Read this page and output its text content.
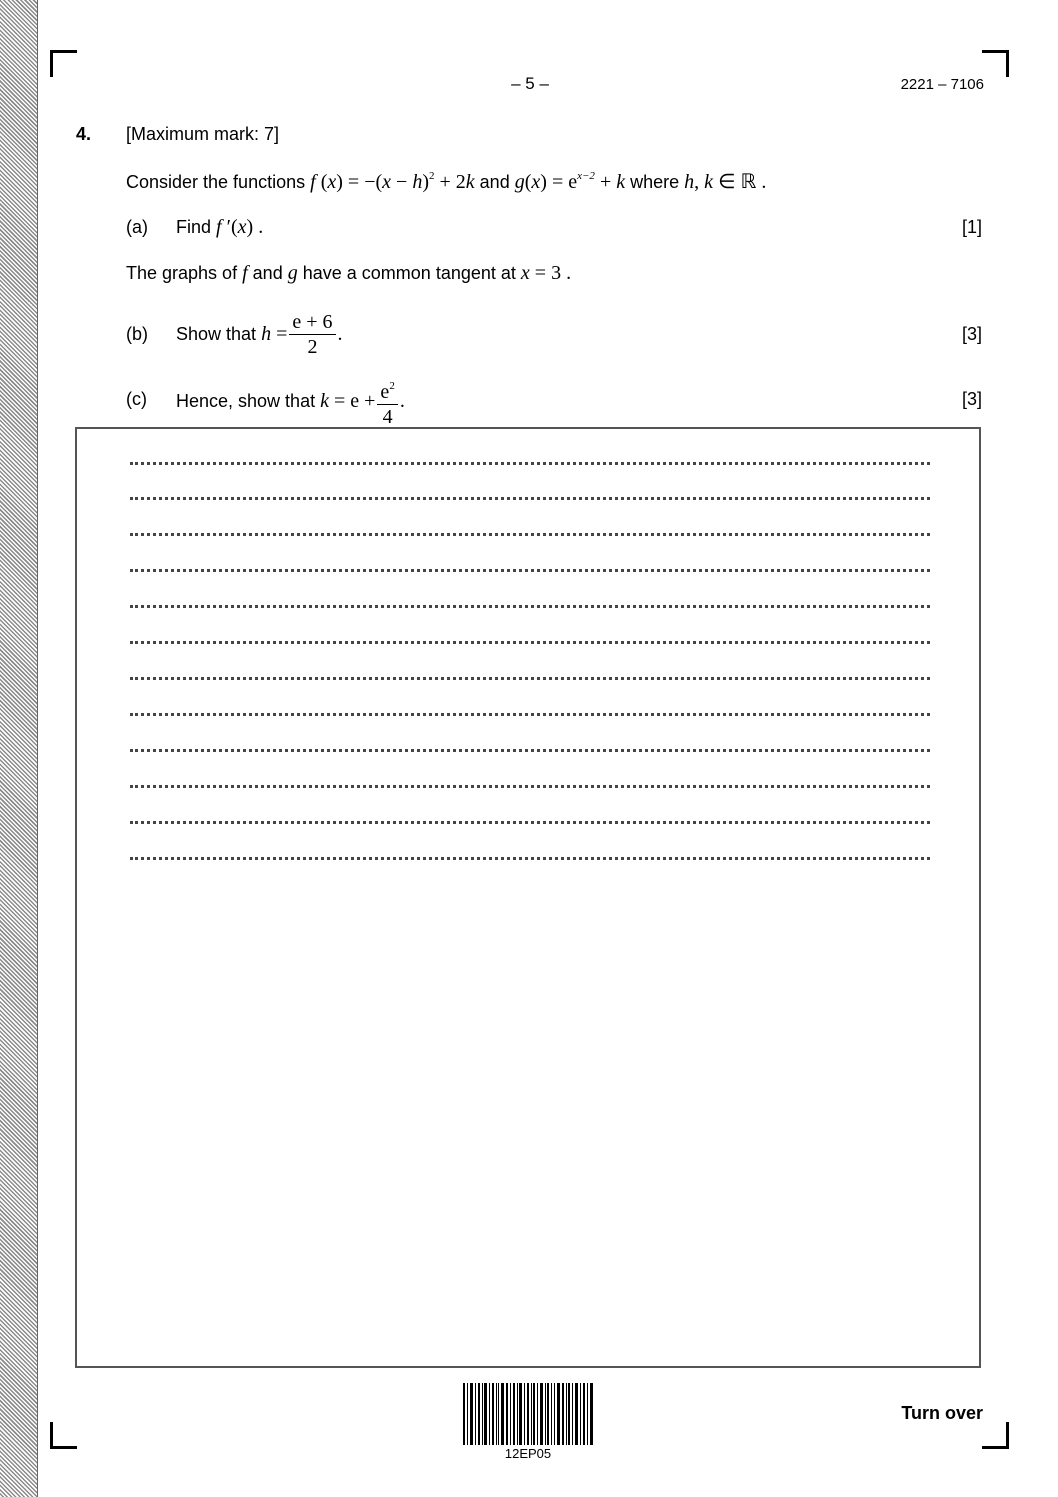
– 5 –	2221 – 7106
4. [Maximum mark: 7]
Consider the functions f $(x) = -(x - h)^2 + 2k$ and $g(x) = e^{x-2} + k$ where h, k ∈ ℝ .
(a) Find f ′(x) .	[1]
The graphs of f and g have a common tangent at x = 3 .
(b) Show that $h = \frac{e + 6}{2}$ .	[3]
(c) Hence, show that $k = e + \frac{e^2}{4}$ .	[3]
12EP05
Turn over
